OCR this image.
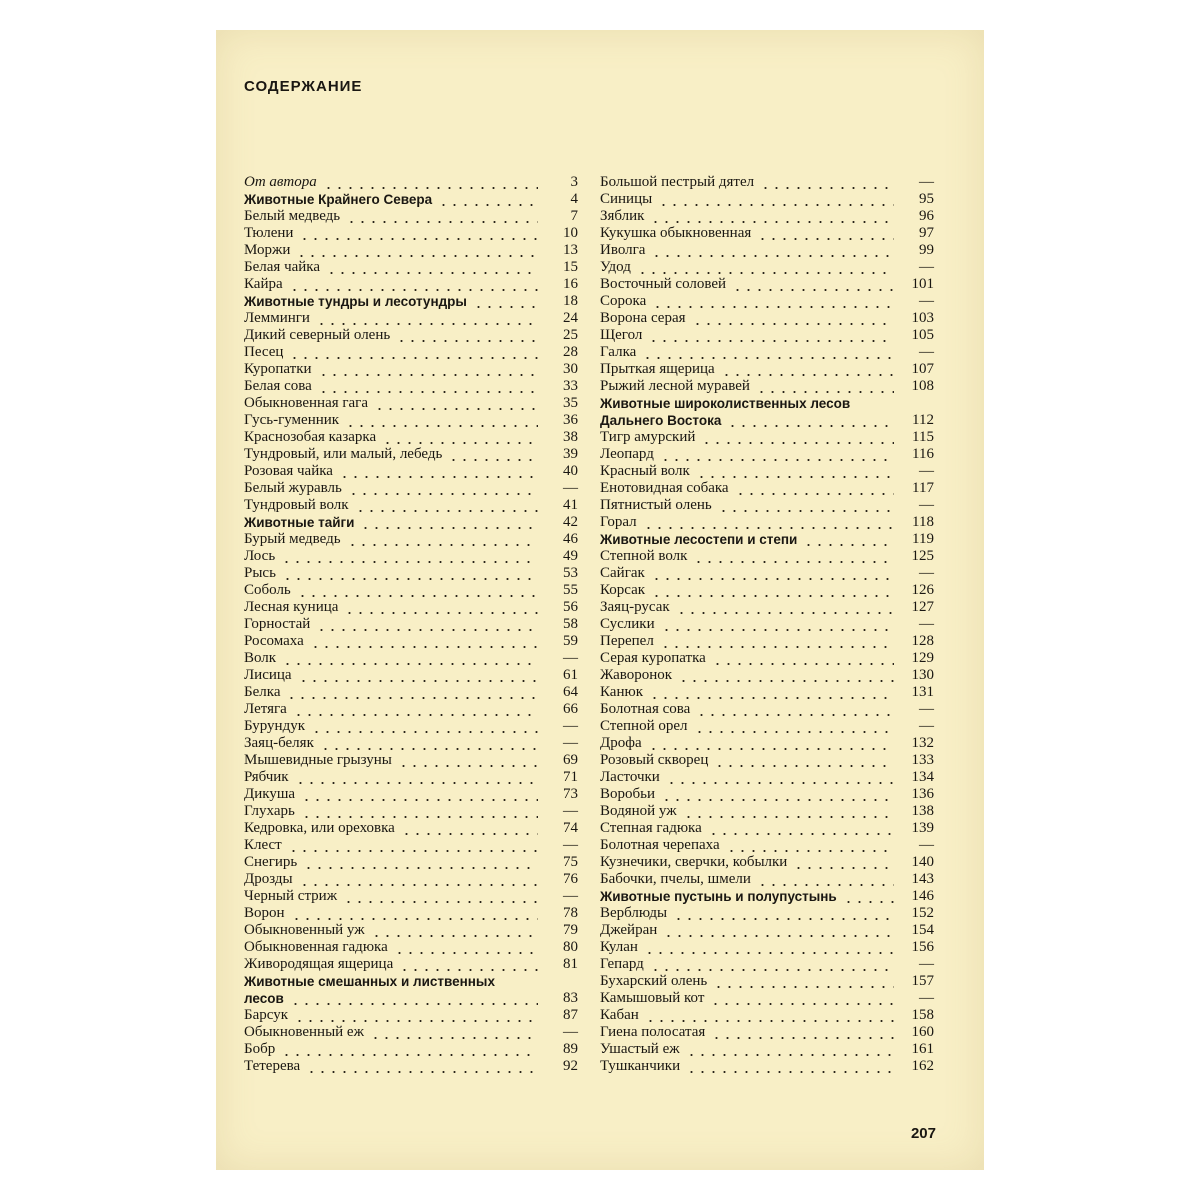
СОДЕРЖАНИЕ
От автора	3
Животные Крайнего Севера	4
Белый медведь	7
Тюлени	10
Моржи	13
Белая чайка	15
Кайра	16
Животные тундры и лесотундры	18
Лемминги	24
Дикий северный олень	25
Песец	28
Куропатки	30
Белая сова	33
Обыкновенная гага	35
Гусь-гуменник	36
Краснозобая казарка	38
Тундровый, или малый, лебедь	39
Розовая чайка	40
Белый журавль	—
Тундровый волк	41
Животные тайги	42
Бурый медведь	46
Лось	49
Рысь	53
Соболь	55
Лесная куница	56
Горностай	58
Росомаха	59
Волк	—
Лисица	61
Белка	64
Летяга	66
Бурундук	—
Заяц-беляк	—
Мышевидные грызуны	69
Рябчик	71
Дикуша	73
Глухарь	—
Кедровка, или ореховка	74
Клест	—
Снегирь	75
Дрозды	76
Черный стриж	—
Ворон	78
Обыкновенный уж	79
Обыкновенная гадюка	80
Живородящая ящерица	81
Животные смешанных и лиственных
лесов	83
Барсук	87
Обыкновенный еж	—
Бобр	89
Тетерева	92
Большой пестрый дятел	—
Синицы	95
Зяблик	96
Кукушка обыкновенная	97
Иволга	99
Удод	—
Восточный соловей	101
Сорока	—
Ворона серая	103
Щегол	105
Галка	—
Прыткая ящерица	107
Рыжий лесной муравей	108
Животные широколиственных лесов
Дальнего Востока	112
Тигр амурский	115
Леопард	116
Красный волк	—
Енотовидная собака	117
Пятнистый олень	—
Горал	118
Животные лесостепи и степи	119
Степной волк	125
Сайгак	—
Корсак	126
Заяц-русак	127
Суслики	—
Перепел	128
Серая куропатка	129
Жаворонок	130
Канюк	131
Болотная сова	—
Степной орел	—
Дрофа	132
Розовый скворец	133
Ласточки	134
Воробьи	136
Водяной уж	138
Степная гадюка	139
Болотная черепаха	—
Кузнечики, сверчки, кобылки	140
Бабочки, пчелы, шмели	143
Животные пустынь и полупустынь	146
Верблюды	152
Джейран	154
Кулан	156
Гепард	—
Бухарский олень	157
Камышовый кот	—
Кабан	158
Гиена полосатая	160
Ушастый еж	161
Тушканчики	162
207
